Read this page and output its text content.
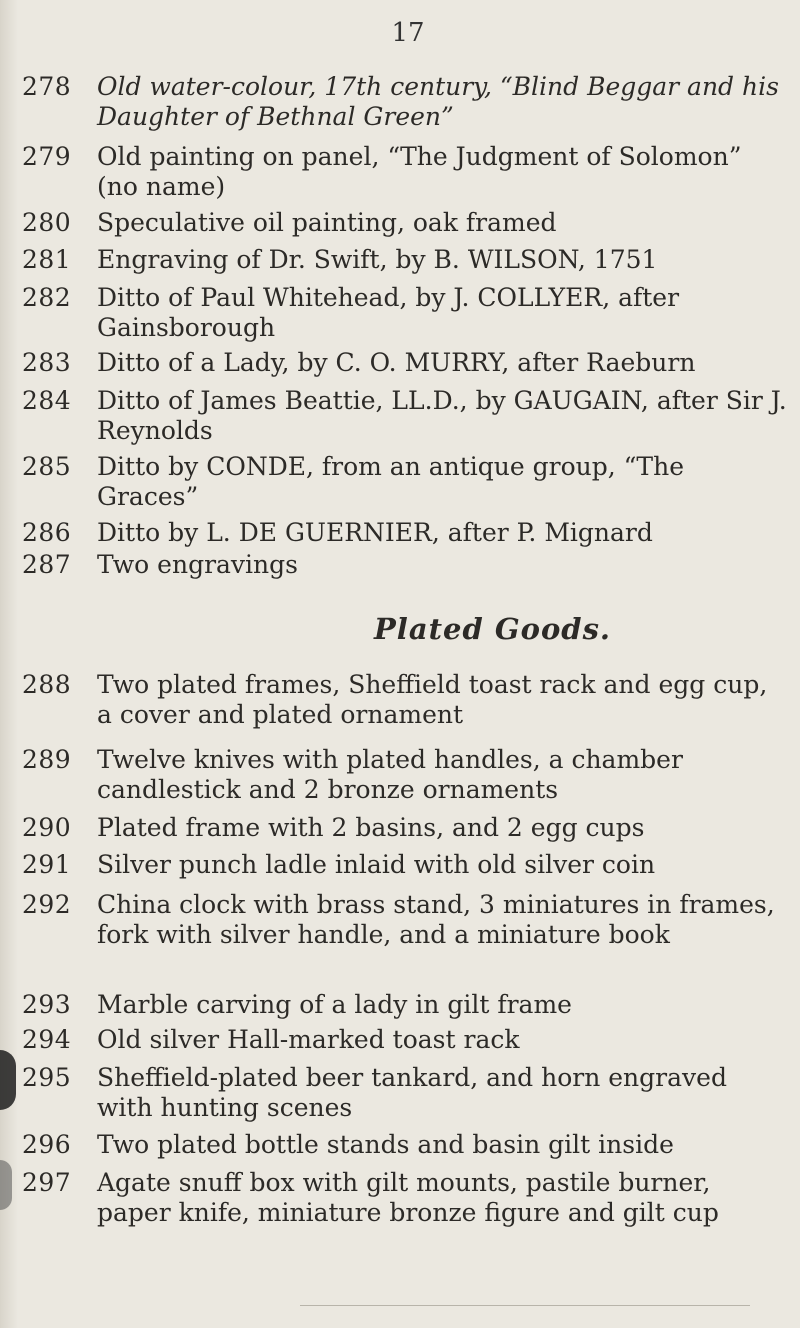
17
278	Old water-colour, 17th century, “Blind Beggar and his Daughter of Bethnal Green”
279	Old painting on panel, “The Judgment of Solomon” (no name)
280	Speculative oil painting, oak framed
281	Engraving of Dr. Swift, by B. WILSON, 1751
282	Ditto of Paul Whitehead, by J. COLLYER, after Gainsborough
283	Ditto of a Lady, by C. O. MURRY, after Raeburn
284	Ditto of James Beattie, LL.D., by GAUGAIN, after Sir J. Reynolds
285	Ditto by CONDE, from an antique group, “The Graces”
286	Ditto by L. DE GUERNIER, after P. Mignard
287	Two engravings
Plated Goods.
288	Two plated frames, Sheffield toast rack and egg cup, a cover and plated ornament
289	Twelve knives with plated handles, a chamber candlestick and 2 bronze ornaments
290	Plated frame with 2 basins, and 2 egg cups
291	Silver punch ladle inlaid with old silver coin
292	China clock with brass stand, 3 miniatures in frames, fork with silver handle, and a miniature book
293	Marble carving of a lady in gilt frame
294	Old silver Hall-marked toast rack
295	Sheffield-plated beer tankard, and horn engraved with hunting scenes
296	Two plated bottle stands and basin gilt inside
297	Agate snuff box with gilt mounts, pastile burner, paper knife, miniature bronze figure and gilt cup
